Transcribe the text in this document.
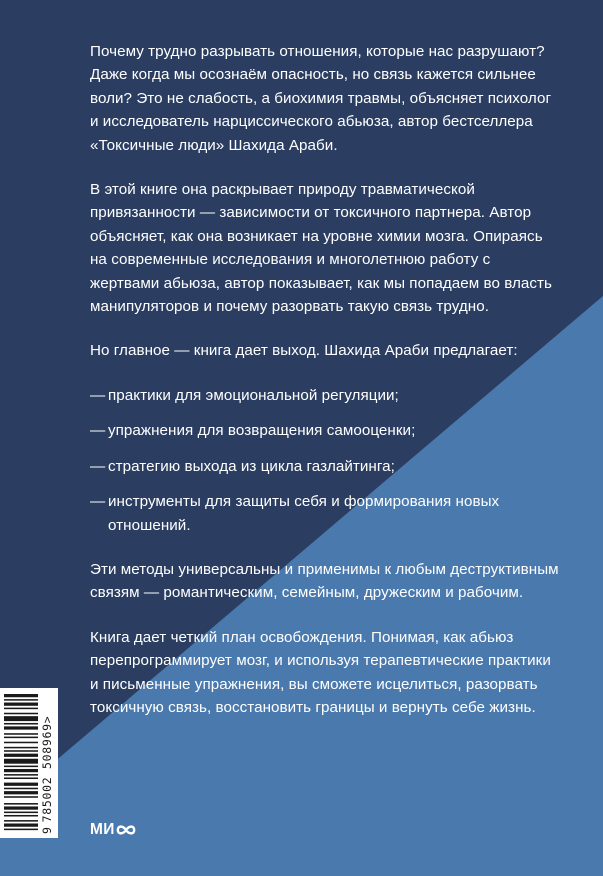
Почему трудно разрывать отношения, которые нас разрушают? Даже когда мы осознаём опасность, но связь кажется сильнее воли? Это не слабость, а биохимия травмы, объясняет психолог и исследователь нарциссического абьюза, автор бестселлера «Токсичные люди» Шахида Араби.

В этой книге она раскрывает природу травматической привязанности — зависимости от токсичного партнера. Автор объясняет, как она возникает на уровне химии мозга. Опираясь на современные исследования и многолетнюю работу с жертвами абьюза, автор показывает, как мы попадаем во власть манипуляторов и почему разорвать такую связь трудно.

Но главное — книга дает выход. Шахида Араби предлагает:

— практики для эмоциональной регуляции;
— упражнения для возвращения самооценки;
— стратегию выхода из цикла газлайтинга;
— инструменты для защиты себя и формирования новых отношений.

Эти методы универсальны и применимы к любым деструктивным связям — романтическим, семейным, дружеским и рабочим.

Книга дает четкий план освобождения. Понимая, как абьюз перепрограммирует мозг, и используя терапевтические практики и письменные упражнения, вы сможете исцелиться, разорвать токсичную связь, восстановить границы и вернуть себе жизнь.

9785002 508969>
МИ
